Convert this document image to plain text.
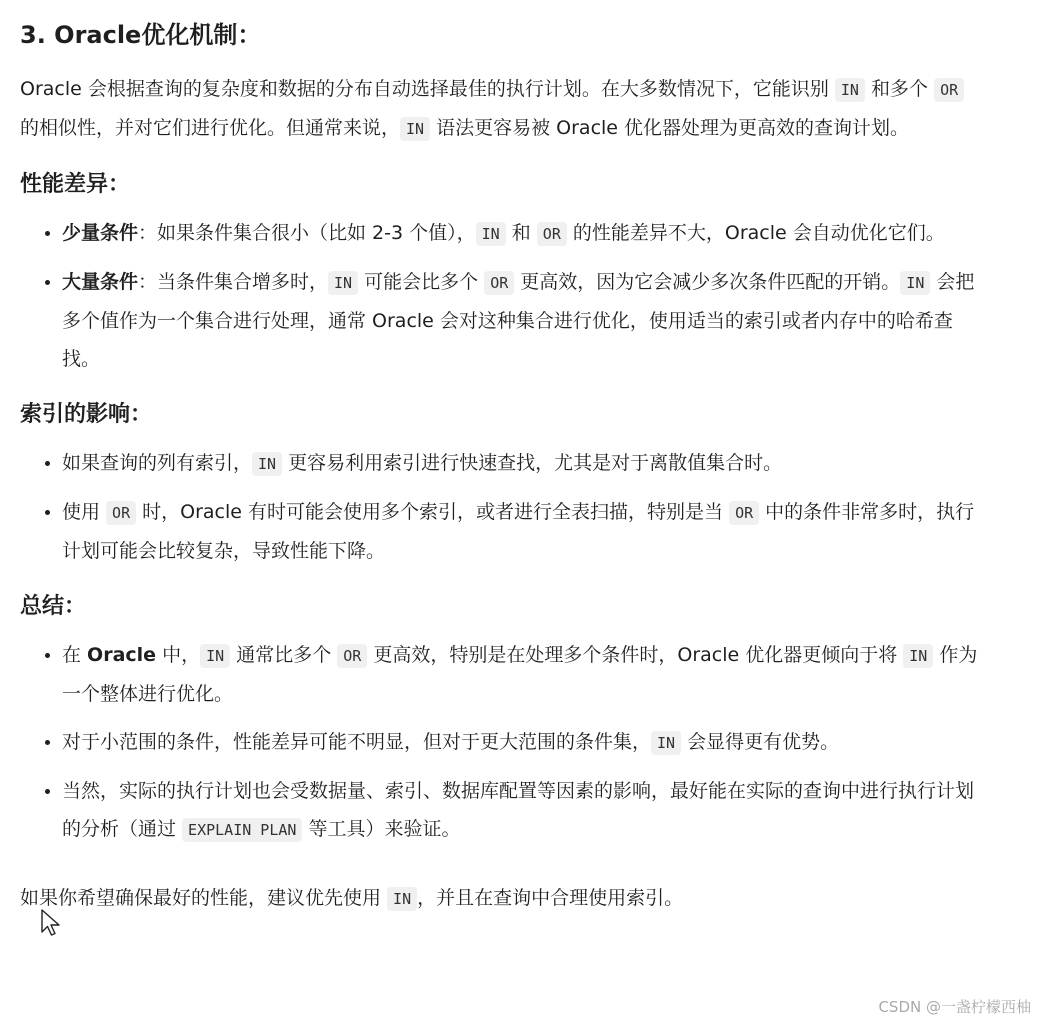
3. Oracle优化机制：

Oracle 会根据查询的复杂度和数据的分布自动选择最佳的执行计划。在大多数情况下，它能识别 IN 和多个 OR 的相似性，并对它们进行优化。但通常来说， IN 语法更容易被 Oracle 优化器处理为更高效的查询计划。

性能差异：
• 少量条件：如果条件集合很小（比如 2-3 个值）， IN 和 OR 的性能差异不大，Oracle 会自动优化它们。
• 大量条件：当条件集合增多时， IN 可能会比多个 OR 更高效，因为它会减少多次条件匹配的开销。 IN 会把多个值作为一个集合进行处理，通常 Oracle 会对这种集合进行优化，使用适当的索引或者内存中的哈希查找。
索引的影响：
• 如果查询的列有索引， IN 更容易利用索引进行快速查找，尤其是对于离散值集合时。
• 使用 OR 时，Oracle 有时可能会使用多个索引，或者进行全表扫描，特别是当 OR 中的条件非常多时，执行计划可能会比较复杂，导致性能下降。
总结：
• 在 Oracle 中， IN 通常比多个 OR 更高效，特别是在处理多个条件时，Oracle 优化器更倾向于将 IN 作为一个整体进行优化。
• 对于小范围的条件，性能差异可能不明显，但对于更大范围的条件集， IN 会显得更有优势。
• 当然，实际的执行计划也会受数据量、索引、数据库配置等因素的影响，最好能在实际的查询中进行执行计划的分析（通过 EXPLAIN PLAN 等工具）来验证。

如果你希望确保最好的性能，建议优先使用 IN ，并且在查询中合理使用索引。

CSDN @一盏柠檬西柚
